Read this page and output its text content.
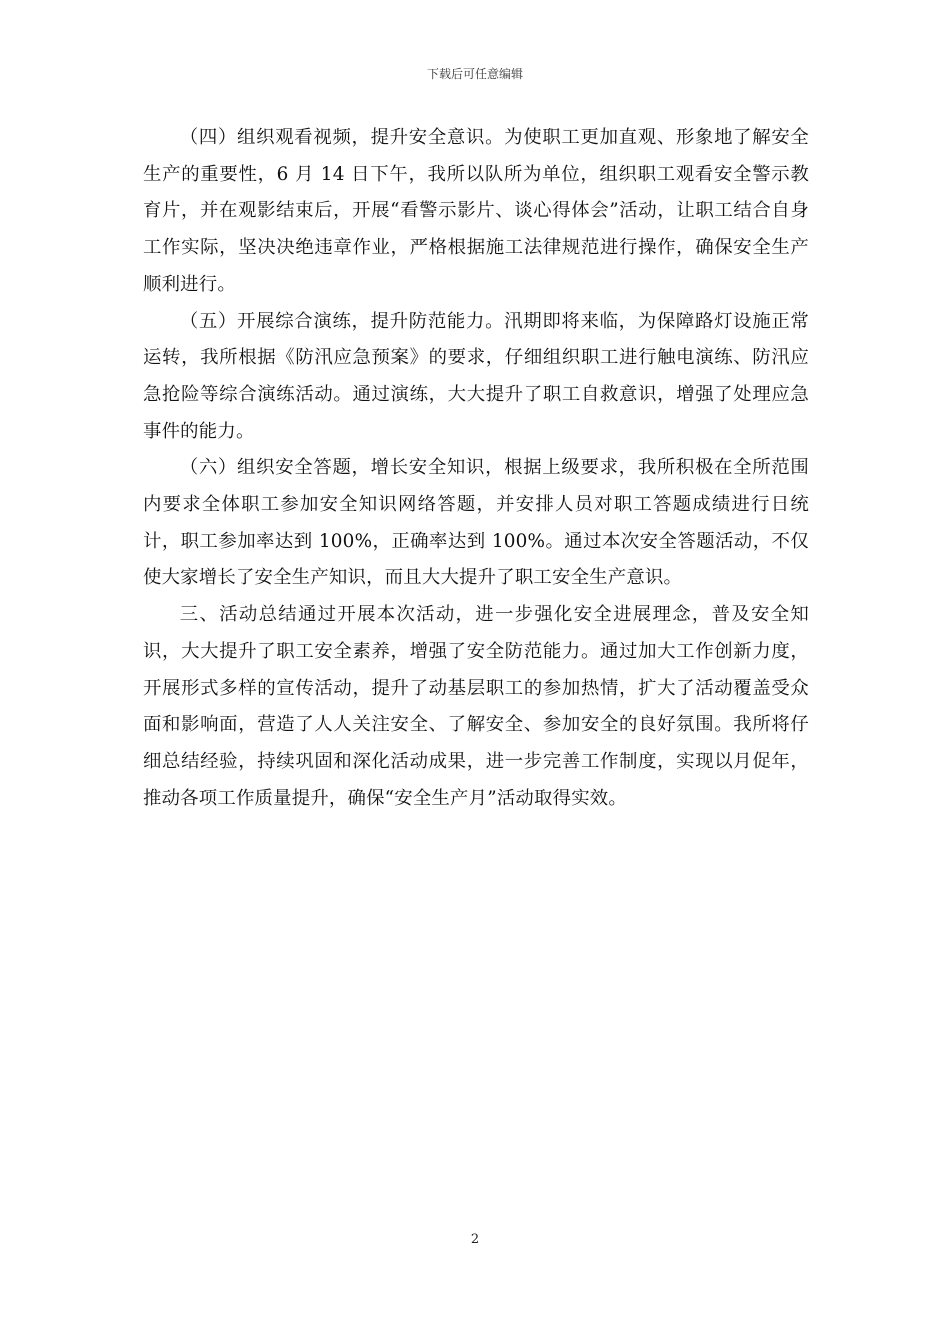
下载后可任意编辑

（四）组织观看视频，提升安全意识。为使职工更加直观、形象地了解安全生产的重要性，6 月 14 日下午，我所以队所为单位，组织职工观看安全警示教育片，并在观影结束后，开展“看警示影片、谈心得体会”活动，让职工结合自身工作实际，坚决决绝违章作业，严格根据施工法律规范进行操作，确保安全生产顺利进行。

（五）开展综合演练，提升防范能力。汛期即将来临，为保障路灯设施正常运转，我所根据《防汛应急预案》的要求，仔细组织职工进行触电演练、防汛应急抢险等综合演练活动。通过演练，大大提升了职工自救意识，增强了处理应急事件的能力。

（六）组织安全答题，增长安全知识，根据上级要求，我所积极在全所范围内要求全体职工参加安全知识网络答题，并安排人员对职工答题成绩进行日统计，职工参加率达到 100%，正确率达到 100%。通过本次安全答题活动，不仅使大家增长了安全生产知识，而且大大提升了职工安全生产意识。

三、活动总结通过开展本次活动，进一步强化安全进展理念，普及安全知识，大大提升了职工安全素养，增强了安全防范能力。通过加大工作创新力度，开展形式多样的宣传活动，提升了动基层职工的参加热情，扩大了活动覆盖受众面和影响面，营造了人人关注安全、了解安全、参加安全的良好氛围。我所将仔细总结经验，持续巩固和深化活动成果，进一步完善工作制度，实现以月促年，推动各项工作质量提升，确保“安全生产月”活动取得实效。

2
